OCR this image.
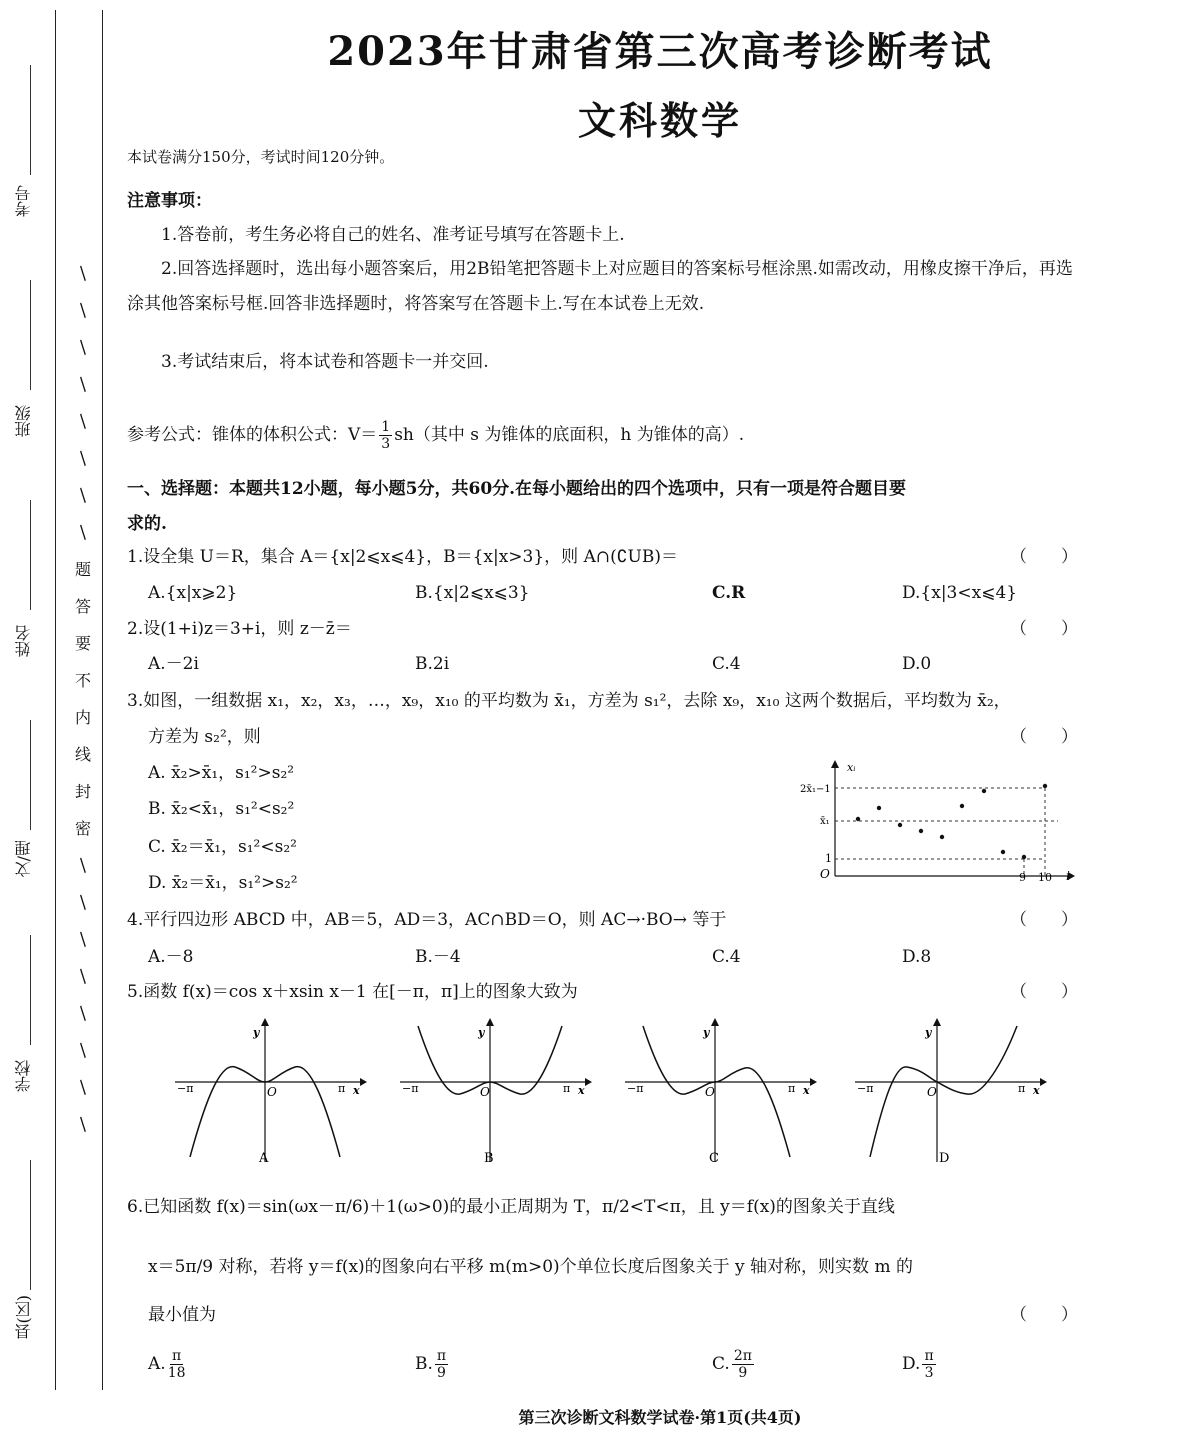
考号
班级
姓名
文/理
学校
县(区)
/
/
/
/
/
/
/
/
题
答
要
不
内
线
封
密
/
/
/
/
/
/
/
/
2023年甘肃省第三次高考诊断考试
文科数学
本试卷满分150分，考试时间120分钟。
注意事项：
1.答卷前，考生务必将自己的姓名、准考证号填写在答题卡上.
2.回答选择题时，选出每小题答案后，用2B铅笔把答题卡上对应题目的答案标号框涂黑.如需改动，用橡皮擦干净后，再选涂其他答案标号框.回答非选择题时，将答案写在答题卡上.写在本试卷上无效.
3.考试结束后，将本试卷和答题卡一并交回.
参考公式：锥体的体积公式：$V= \frac{1}{3} sh$（其中 s 为锥体的底面积，h 为锥体的高）.
一、选择题：本题共12小题，每小题5分，共60分.在每小题给出的四个选项中，只有一项是符合题目要
求的.
1.设全集 U＝R，集合 A＝{x|2⩽x⩽4}，B＝{x|x>3}，则 A∩(∁UB)＝	（　　）
A.{x|x⩾2}	B.{x|2⩽x⩽3}	C.R	D.{x|3<x⩽4}
2.设(1+i)z＝3+i，则 z－z̄＝	（　　）
A.－2i	B.2i	C.4	D.0
3.如图，一组数据 x₁，x₂，x₃，…，x₉，x₁₀ 的平均数为 x̄₁，方差为 s₁²，去除 x₉，x₁₀ 这两个数据后，平均数为 x̄₂，
方差为 s₂²，则	（　　）
A. x̄₂>x̄₁，s₁²>s₂²
B. x̄₂<x̄₁，s₁²<s₂²
C. x̄₂＝x̄₁，s₁²<s₂²
D. x̄₂＝x̄₁，s₁²>s₂²
xᵢ
i
O
2x̄₁−1
x̄₁
1
9 10
4.平行四边形 ABCD 中，AB＝5，AD＝3，AC∩BD＝O，则 AC→·BO→ 等于	（　　）
A.－8	B.－4	C.4	D.8
5.函数 f(x)＝cos x＋xsin x－1 在[－π，π]上的图象大致为	（　　）
y
x
O
−π	π
A
y
x
O
−π	π
B
y
x
O
−π	π
C
y
x
O
−π	π
D
6.已知函数 f(x)＝sin(ωx－π/6)＋1(ω>0)的最小正周期为 T，π/2<T<π，且 y＝f(x)的图象关于直线
x＝5π/9 对称，若将 y＝f(x)的图象向右平移 m(m>0)个单位长度后图象关于 y 轴对称，则实数 m 的
最小值为	（　　）
A. $\frac{\pi}{18}$	B. $\frac{\pi}{9}$	C. $\frac{2\pi}{9}$	D. $\frac{\pi}{3}$
第三次诊断文科数学试卷·第1页(共4页)
